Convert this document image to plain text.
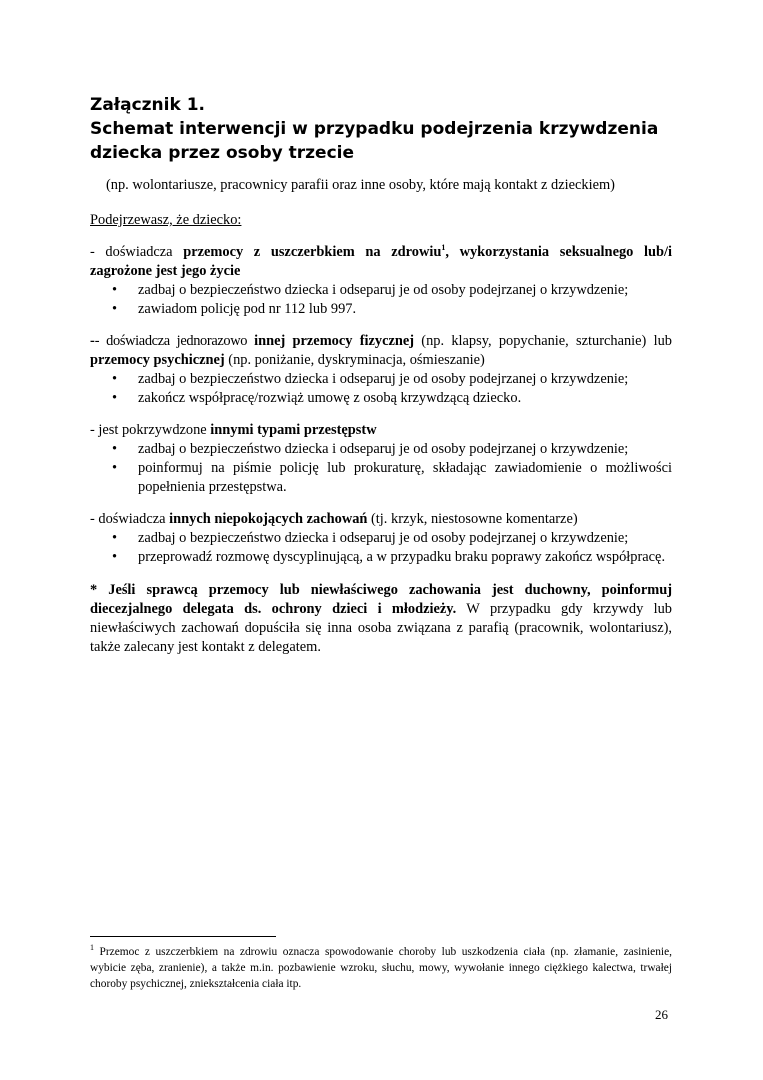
Załącznik 1.
Schemat interwencji w przypadku podejrzenia krzywdzenia
dziecka przez osoby trzecie

(np. wolontariusze, pracownicy parafii oraz inne osoby, które mają kontakt z dzieckiem)

Podejrzewasz, że dziecko:

- doświadcza przemocy z uszczerbkiem na zdrowiu$^1$, wykorzystania seksualnego lub/i zagrożone jest jego życie

• zadbaj o bezpieczeństwo dziecka i odseparuj je od osoby podejrzanej o krzywdzenie;
• zawiadom policję pod nr 112 lub 997.

-- doświadcza jednorazowo innej przemocy fizycznej (np. klapsy, popychanie, szturchanie) lub przemocy psychicznej (np. poniżanie, dyskryminacja, ośmieszanie)

• zadbaj o bezpieczeństwo dziecka i odseparuj je od osoby podejrzanej o krzywdzenie;
• zakończ współpracę/rozwiąż umowę z osobą krzywdzącą dziecko.

- jest pokrzywdzone innymi typami przestępstw

• zadbaj o bezpieczeństwo dziecka i odseparuj je od osoby podejrzanej o krzywdzenie;
• poinformuj na piśmie policję lub prokuraturę, składając zawiadomienie o możliwości popełnienia przestępstwa.

- doświadcza innych niepokojących zachowań (tj. krzyk, niestosowne komentarze)

• zadbaj o bezpieczeństwo dziecka i odseparuj je od osoby podejrzanej o krzywdzenie;
• przeprowadź rozmowę dyscyplinującą, a w przypadku braku poprawy zakończ współpracę.

* Jeśli sprawcą przemocy lub niewłaściwego zachowania jest duchowny, poinformuj diecezjalnego delegata ds. ochrony dzieci i młodzieży. W przypadku gdy krzywdy lub niewłaściwych zachowań dopuściła się inna osoba związana z parafią (pracownik, wolontariusz), także zalecany jest kontakt z delegatem.

$^1$ Przemoc z uszczerbkiem na zdrowiu oznacza spowodowanie choroby lub uszkodzenia ciała (np. złamanie, zasinienie, wybicie zęba, zranienie), a także m.in. pozbawienie wzroku, słuchu, mowy, wywołanie innego ciężkiego kalectwa, trwałej choroby psychicznej, zniekształcenia ciała itp.

26
